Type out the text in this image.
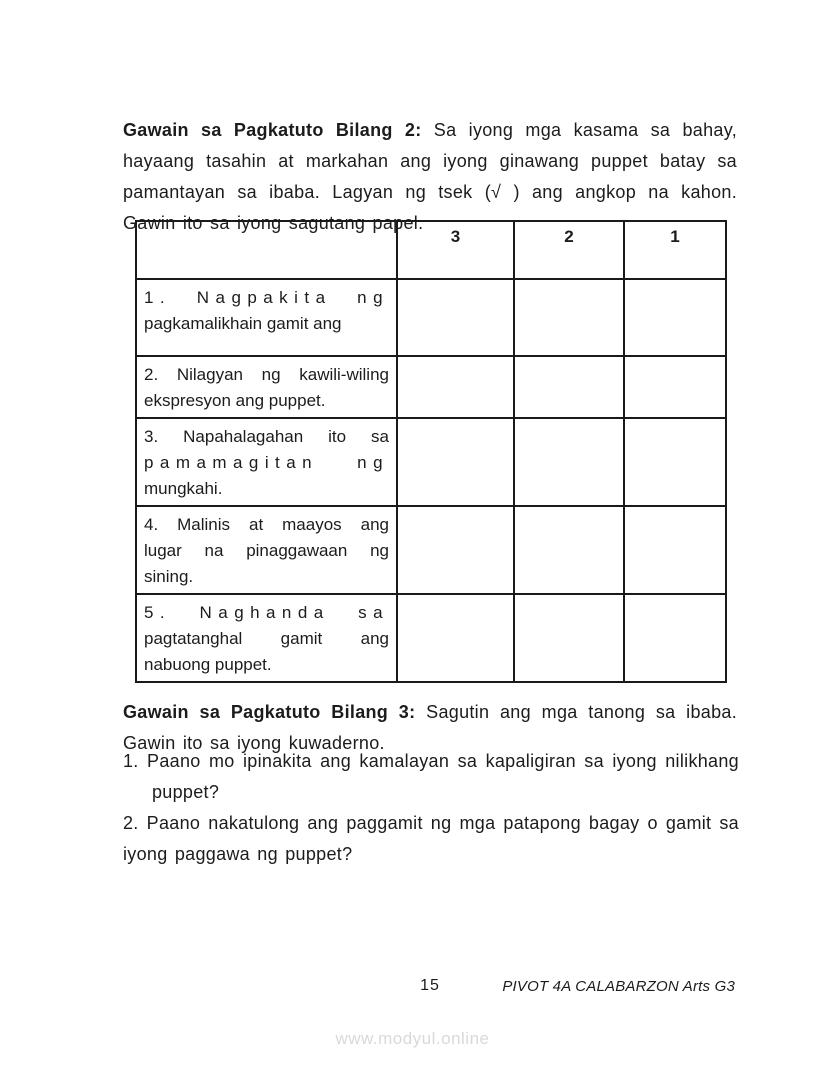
Gawain sa Pagkatuto Bilang 2: Sa iyong mga kasama sa bahay, hayaang tasahin at markahan ang iyong ginawang puppet batay sa pamantayan sa ibaba. Lagyan ng tsek (√ ) ang angkop na kahon. Gawin ito sa iyong sagutang papel.

	3	2	1

1. Nagpakita ng
pagkamalikhain gamit ang			

2. Nilagyan ng kawili-wiling
ekspresyon ang puppet.			

3. Napahalagahan ito sa
pamamagitan ng
mungkahi.			

4. Malinis at maayos ang
lugar na pinaggawaan ng
sining.			

5. Naghanda sa
pagtatanghal gamit ang
nabuong puppet.			

Gawain sa Pagkatuto Bilang 3: Sagutin ang mga tanong sa ibaba. Gawin ito sa iyong kuwaderno.

1. Paano mo ipinakita ang kamalayan sa kapaligiran sa iyong nilikhang puppet?

2. Paano nakatulong ang paggamit ng mga patapong bagay o gamit sa iyong paggawa ng puppet?

15	PIVOT 4A CALABARZON Arts G3
www.modyul.online
